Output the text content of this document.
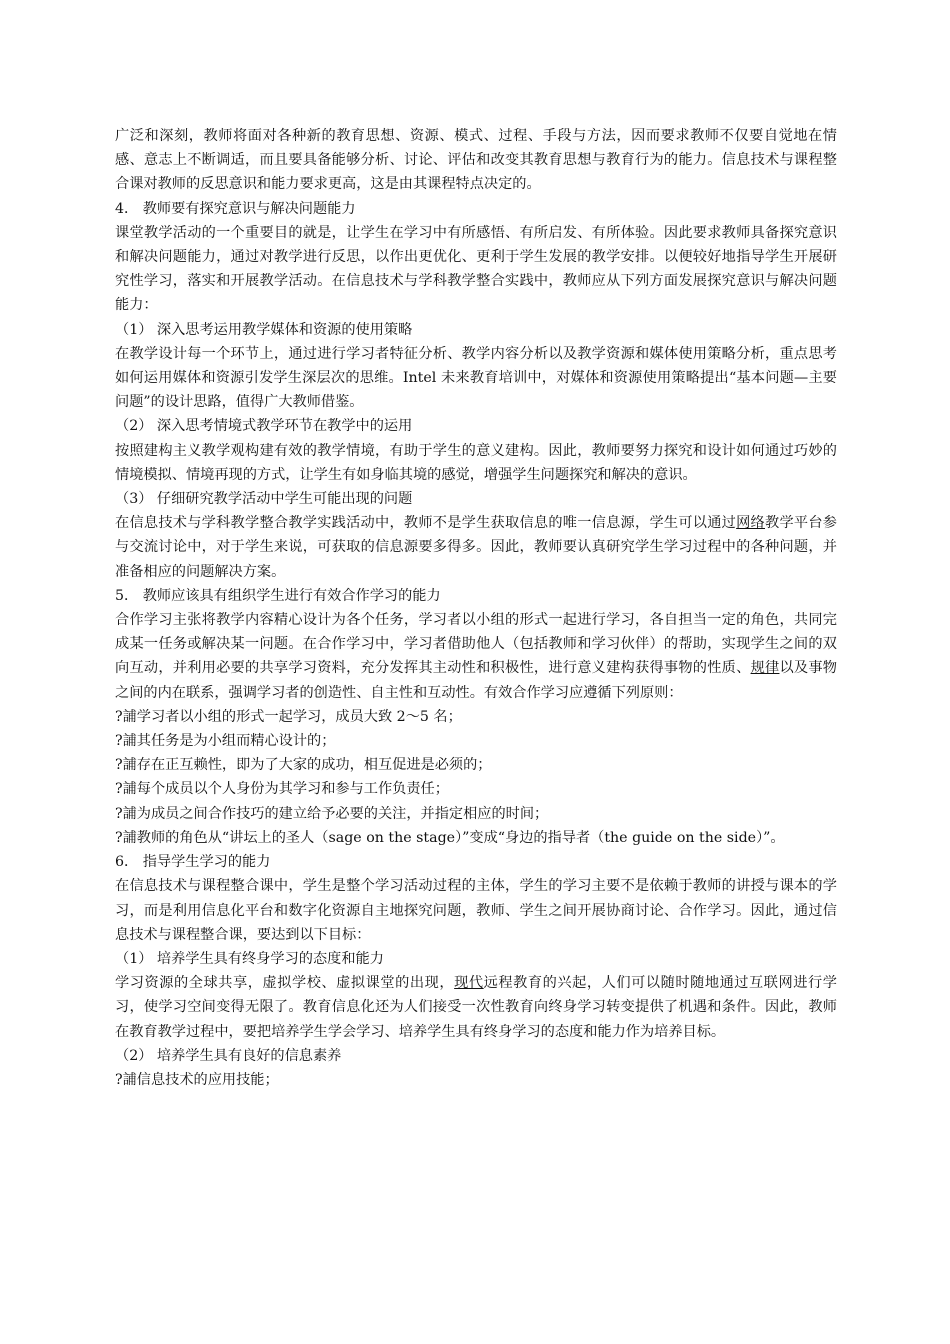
广泛和深刻，教师将面对各种新的教育思想、资源、模式、过程、手段与方法，因而要求教师不仅要自觉地在情感、意志上不断调适，而且要具备能够分析、讨论、评估和改变其教育思想与教育行为的能力。信息技术与课程整合课对教师的反思意识和能力要求更高，这是由其课程特点决定的。

4． 教师要有探究意识与解决问题能力

课堂教学活动的一个重要目的就是，让学生在学习中有所感悟、有所启发、有所体验。因此要求教师具备探究意识和解决问题能力，通过对教学进行反思，以作出更优化、更利于学生发展的教学安排。以便较好地指导学生开展研究性学习，落实和开展教学活动。在信息技术与学科教学整合实践中，教师应从下列方面发展探究意识与解决问题能力：

（1） 深入思考运用教学媒体和资源的使用策略

在教学设计每一个环节上，通过进行学习者特征分析、教学内容分析以及教学资源和媒体使用策略分析，重点思考如何运用媒体和资源引发学生深层次的思维。Intel 未来教育培训中，对媒体和资源使用策略提出“基本问题—主要问题”的设计思路，值得广大教师借鉴。

（2） 深入思考情境式教学环节在教学中的运用

按照建构主义教学观构建有效的教学情境，有助于学生的意义建构。因此，教师要努力探究和设计如何通过巧妙的情境模拟、情境再现的方式，让学生有如身临其境的感觉，增强学生问题探究和解决的意识。

（3） 仔细研究教学活动中学生可能出现的问题

在信息技术与学科教学整合教学实践活动中，教师不是学生获取信息的唯一信息源，学生可以通过网络教学平台参与交流讨论中，对于学生来说，可获取的信息源要多得多。因此，教师要认真研究学生学习过程中的各种问题，并准备相应的问题解决方案。

5． 教师应该具有组织学生进行有效合作学习的能力

合作学习主张将教学内容精心设计为各个任务，学习者以小组的形式一起进行学习，各自担当一定的角色，共同完成某一任务或解决某一问题。在合作学习中，学习者借助他人（包括教师和学习伙伴）的帮助，实现学生之间的双向互动，并利用必要的共享学习资料，充分发挥其主动性和积极性，进行意义建构获得事物的性质、规律以及事物之间的内在联系，强调学习者的创造性、自主性和互动性。有效合作学习应遵循下列原则：

?誧学习者以小组的形式一起学习，成员大致 2～5 名；

?誧其任务是为小组而精心设计的；

?誧存在正互赖性，即为了大家的成功，相互促进是必须的；

?誧每个成员以个人身份为其学习和参与工作负责任；

?誧为成员之间合作技巧的建立给予必要的关注，并指定相应的时间；

?誧教师的角色从“讲坛上的圣人（sage on the stage）”变成“身边的指导者（the guide on the side）”。

6． 指导学生学习的能力

在信息技术与课程整合课中，学生是整个学习活动过程的主体，学生的学习主要不是依赖于教师的讲授与课本的学习，而是利用信息化平台和数字化资源自主地探究问题，教师、学生之间开展协商讨论、合作学习。因此，通过信息技术与课程整合课，要达到以下目标：

（1） 培养学生具有终身学习的态度和能力

学习资源的全球共享，虚拟学校、虚拟课堂的出现，现代远程教育的兴起，人们可以随时随地通过互联网进行学习，使学习空间变得无限了。教育信息化还为人们接受一次性教育向终身学习转变提供了机遇和条件。因此，教师在教育教学过程中，要把培养学生学会学习、培养学生具有终身学习的态度和能力作为培养目标。

（2） 培养学生具有良好的信息素养

?誧信息技术的应用技能；
